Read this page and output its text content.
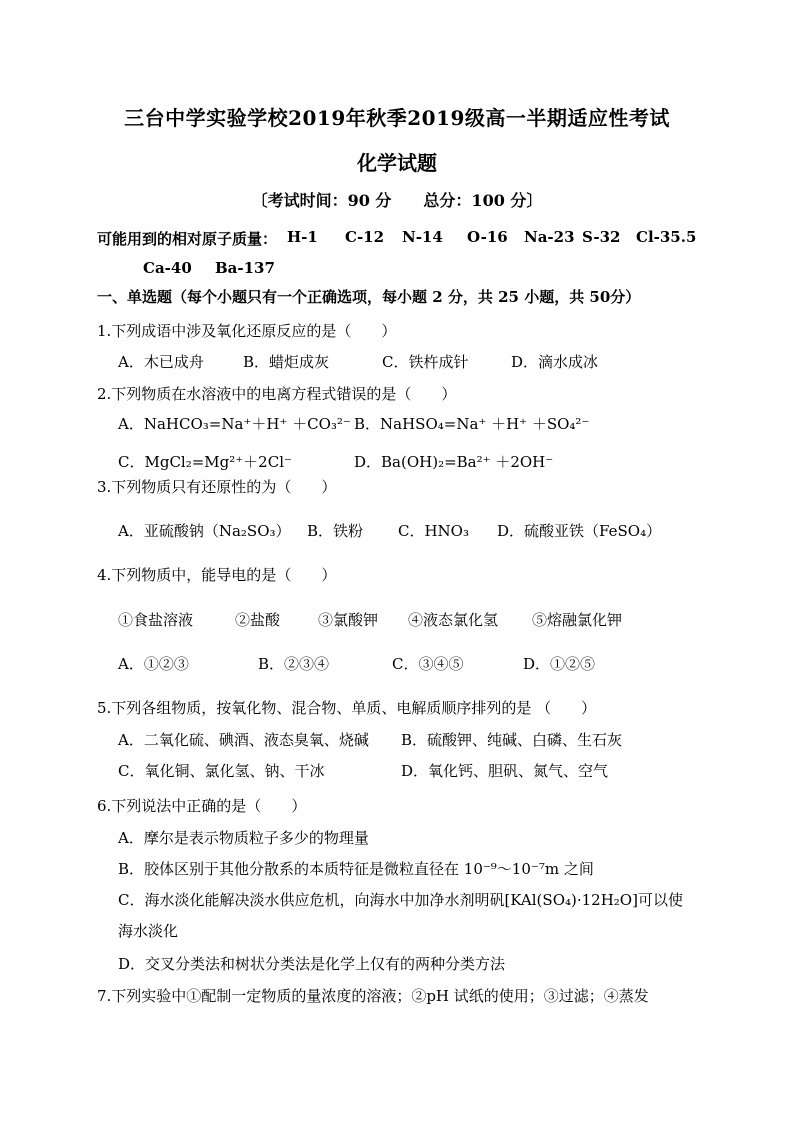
三台中学实验学校2019年秋季2019级高一半期适应性考试
化学试题
〔考试时间：90 分　　总分：100 分〕
可能用到的相对原子质量： H-1 C-12 N-14 O-16 Na-23 S-32 Cl-35.5
Ca-40 Ba-137
一、单选题（每个小题只有一个正确选项，每小题 2 分，共 25 小题，共 50分）
1.下列成语中涉及氧化还原反应的是（　　）
A．木已成舟	B．蜡炬成灰	C．铁杵成针	D．滴水成冰
2.下列物质在水溶液中的电离方程式错误的是（　　）
A．NaHCO₃=Na⁺＋H⁺ ＋CO₃²⁻ B．NaHSO₄=Na⁺ ＋H⁺ ＋SO₄²⁻
C．MgCl₂=Mg²⁺＋2Cl⁻	D．Ba(OH)₂=Ba²⁺ ＋2OH⁻
3.下列物质只有还原性的为（　　）
A．亚硫酸钠（Na₂SO₃） B．铁粉 C．HNO₃ D．硫酸亚铁（FeSO₄）
4.下列物质中，能导电的是（　　）
①食盐溶液	②盐酸	③氯酸钾 ④液态氯化氢 ⑤熔融氯化钾
A．①②③	B．②③④	C．③④⑤	D．①②⑤
5.下列各组物质，按氧化物、混合物、单质、电解质顺序排列的是 （　　）
A．二氧化硫、碘酒、液态臭氧、烧碱 B．硫酸钾、纯碱、白磷、生石灰
C．氧化铜、氯化氢、钠、干冰	D．氧化钙、胆矾、氮气、空气
6.下列说法中正确的是（　　）
A．摩尔是表示物质粒子多少的物理量
B．胶体区别于其他分散系的本质特征是微粒直径在 10⁻⁹～10⁻⁷m 之间
C．海水淡化能解决淡水供应危机，向海水中加净水剂明矾[KAl(SO₄)·12H₂O]可以使
海水淡化
D．交叉分类法和树状分类法是化学上仅有的两种分类方法
7.下列实验中①配制一定物质的量浓度的溶液；②pH 试纸的使用；③过滤；④蒸发
